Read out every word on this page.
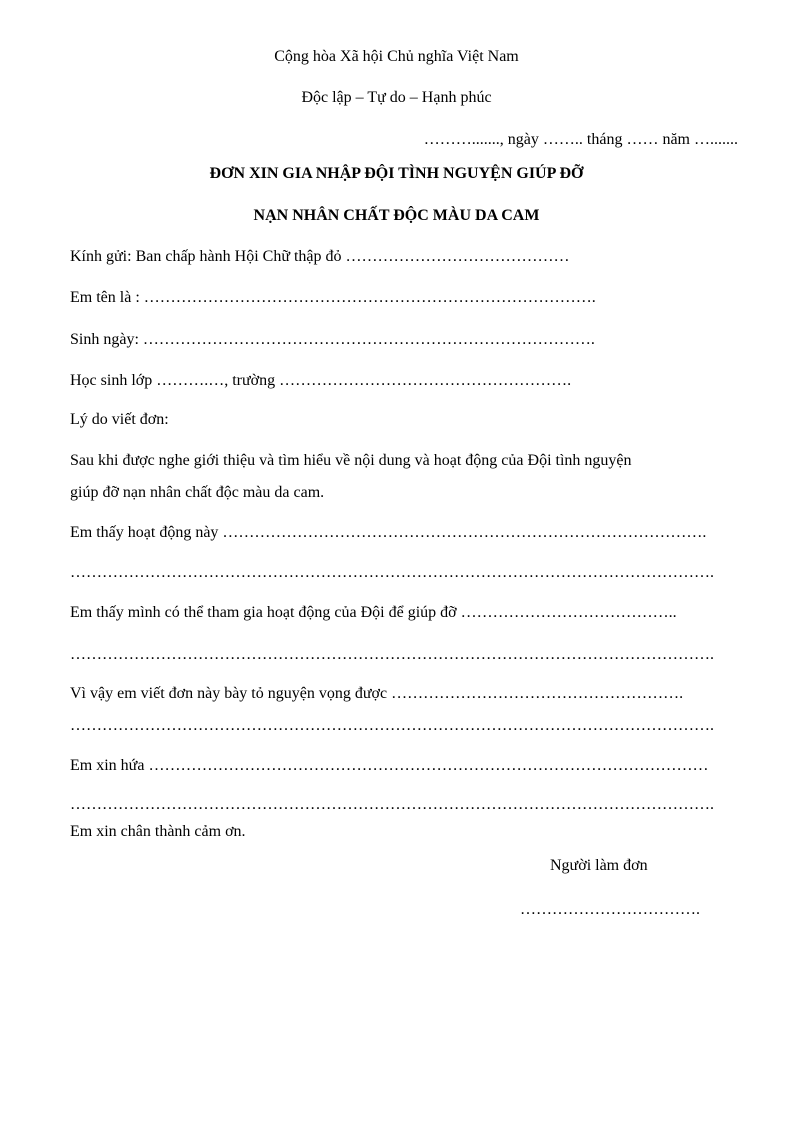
Cộng hòa Xã hội Chủ nghĩa Việt Nam
Độc lập – Tự do – Hạnh phúc
………......., ngày …….. tháng …… năm ….......
ĐƠN XIN GIA NHẬP ĐỘI TÌNH NGUYỆN GIÚP ĐỠ
NẠN NHÂN CHẤT ĐỘC MÀU DA CAM
Kính gửi: Ban chấp hành Hội Chữ thập đỏ ……………………………………
Em tên là : ………………………………………………………………………….
Sinh ngày: ………………………………………………………………………….
Học sinh lớp ……….…, trường ……………………………………………….
Lý do viết đơn:
Sau khi được nghe giới thiệu và tìm hiểu về nội dung và hoạt động của Đội tình nguyện
giúp đỡ nạn nhân chất độc màu da cam.
Em thấy hoạt động này ……………………………………………………………………………….
………………………………………………………………………………………………………….
Em thấy mình có thể tham gia hoạt động của Đội để giúp đỡ …………………………………..
………………………………………………………………………………………………………….
Vì vậy em viết đơn này bày tỏ nguyện vọng được ……………………………………………….
………………………………………………………………………………………………………….
Em xin hứa ……………………………………………………………………………………………
………………………………………………………………………………………………………….
Em xin chân thành cảm ơn.
Người làm đơn
…………………………….
